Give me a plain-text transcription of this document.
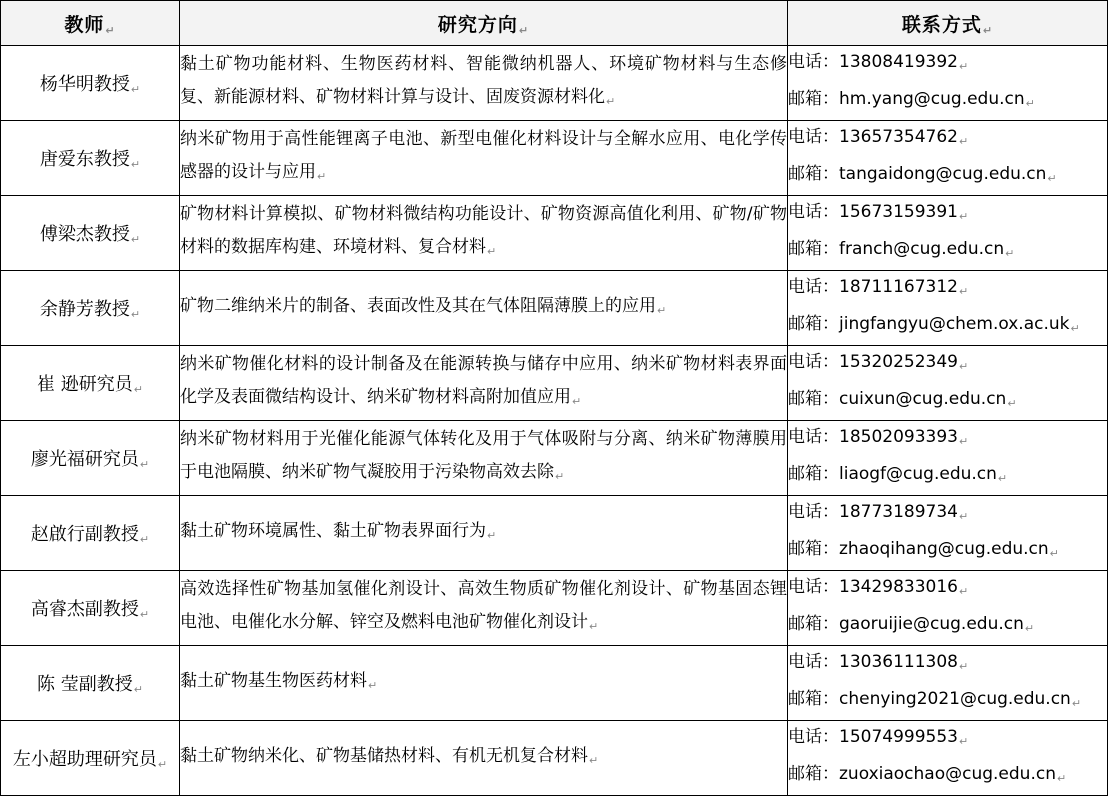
教师↵	研究方向↵	联系方式↵
杨华明教授↵	黏土矿物功能材料、生物医药材料、智能微纳机器人、环境矿物材料与生态修复、新能源材料、矿物材料计算与设计、固废资源材料化↵	电话：13808419392↵
邮箱：hm.yang@cug.edu.cn↵

唐爱东教授↵	纳米矿物用于高性能锂离子电池、新型电催化材料设计与全解水应用、电化学传感器的设计与应用↵	电话：13657354762↵
邮箱：tangaidong@cug.edu.cn↵

傅梁杰教授↵	矿物材料计算模拟、矿物材料微结构功能设计、矿物资源高值化利用、矿物/矿物材料的数据库构建、环境材料、复合材料↵	电话：15673159391↵
邮箱：franch@cug.edu.cn↵

余静芳教授↵	矿物二维纳米片的制备、表面改性及其在气体阻隔薄膜上的应用↵	电话：18711167312↵
邮箱：jingfangyu@chem.ox.ac.uk↵

崔 逊研究员↵	纳米矿物催化材料的设计制备及在能源转换与储存中应用、纳米矿物材料表界面化学及表面微结构设计、纳米矿物材料高附加值应用↵	电话：15320252349↵
邮箱：cuixun@cug.edu.cn↵

廖光福研究员↵	纳米矿物材料用于光催化能源气体转化及用于气体吸附与分离、纳米矿物薄膜用于电池隔膜、纳米矿物气凝胶用于污染物高效去除↵	电话：18502093393↵
邮箱：liaogf@cug.edu.cn↵

赵啟行副教授↵	黏土矿物环境属性、黏土矿物表界面行为↵	电话：18773189734↵
邮箱：zhaoqihang@cug.edu.cn↵

高睿杰副教授↵	高效选择性矿物基加氢催化剂设计、高效生物质矿物催化剂设计、矿物基固态锂电池、电催化水分解、锌空及燃料电池矿物催化剂设计↵	电话：13429833016↵
邮箱：gaoruijie@cug.edu.cn↵

陈 莹副教授↵	黏土矿物基生物医药材料↵	电话：13036111308↵
邮箱：chenying2021@cug.edu.cn↵

左小超助理研究员↵	黏土矿物纳米化、矿物基储热材料、有机无机复合材料↵	电话：15074999553↵
邮箱：zuoxiaochao@cug.edu.cn↵
